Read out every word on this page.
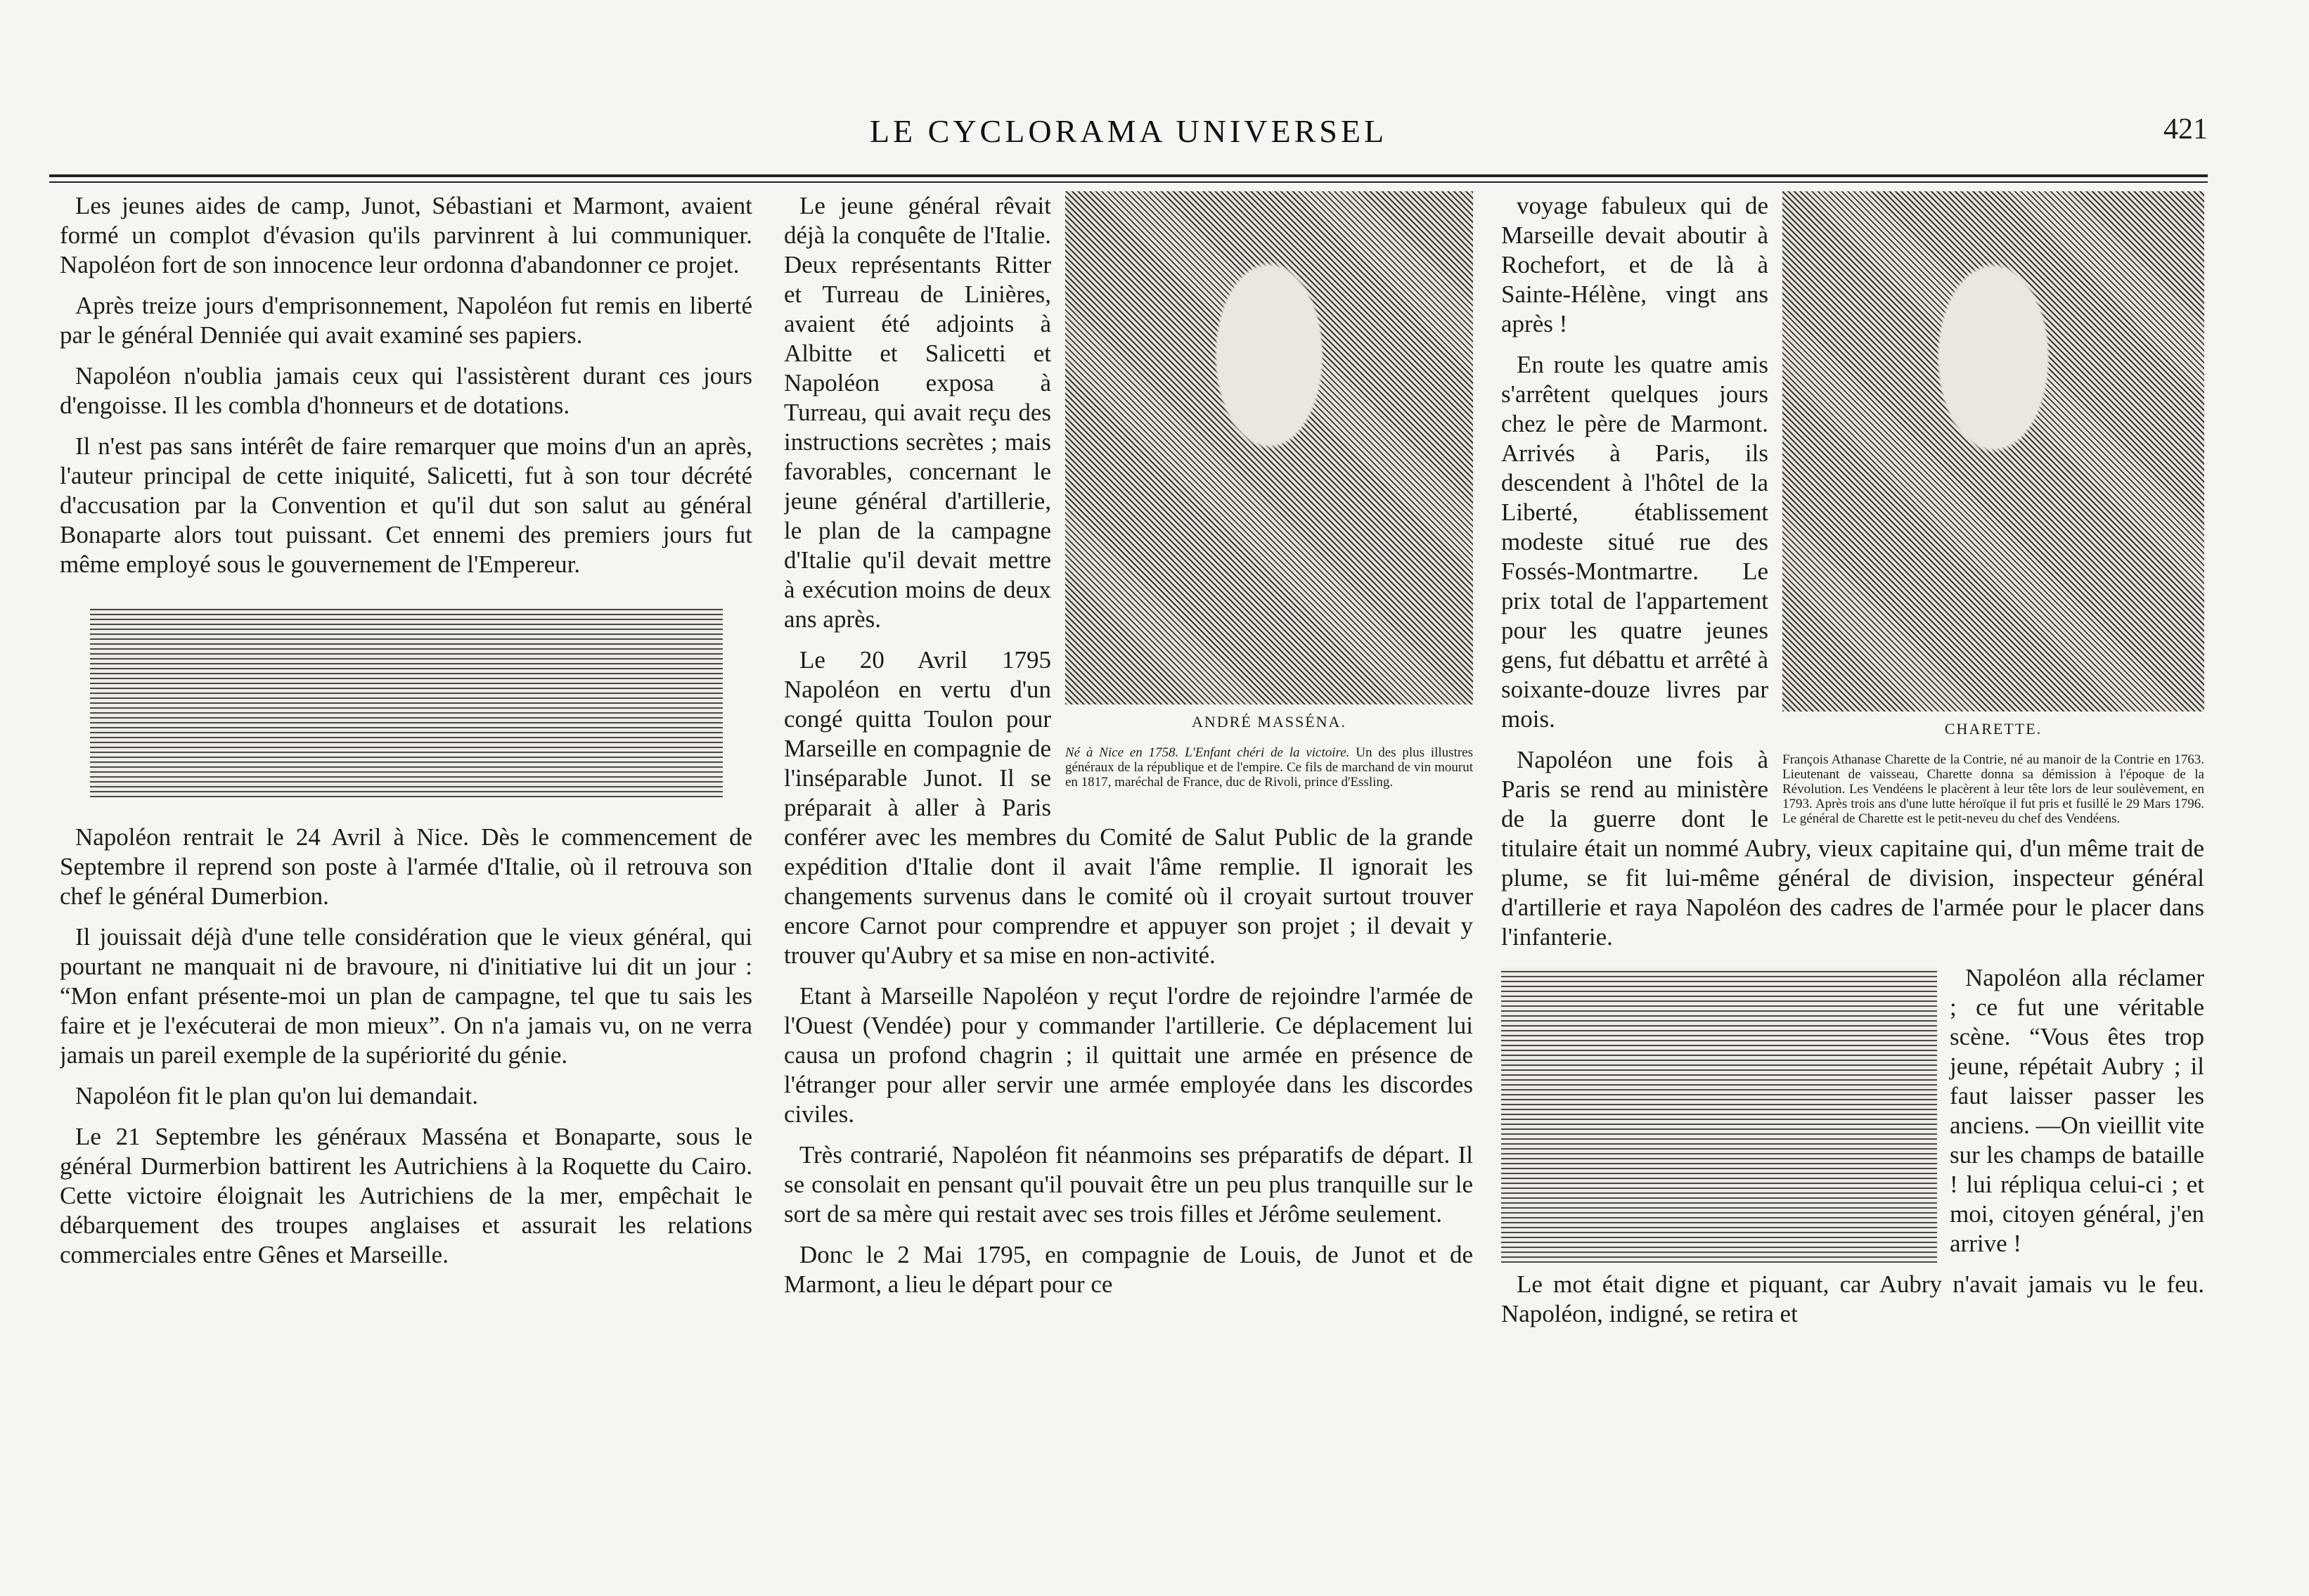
LE CYCLORAMA UNIVERSEL	421

Les jeunes aides de camp, Junot, Sébastiani et Marmont, avaient formé un complot d'évasion qu'ils parvinrent à lui communiquer. Napoléon fort de son innocence leur ordonna d'abandonner ce projet.

Après treize jours d'emprisonnement, Napoléon fut remis en liberté par le général Denniée qui avait examiné ses papiers.

Napoléon n'oublia jamais ceux qui l'assistèrent durant ces jours d'engoisse. Il les combla d'honneurs et de dotations.

Il n'est pas sans intérêt de faire remarquer que moins d'un an après, l'auteur principal de cette iniquité, Salicetti, fut à son tour décrété d'accusation par la Convention et qu'il dut son salut au général Bonaparte alors tout puissant. Cet ennemi des premiers jours fut même employé sous le gouvernement de l'Empereur.

Napoléon rentrait le 24 Avril à Nice. Dès le commencement de Septembre il reprend son poste à l'armée d'Italie, où il retrouva son chef le général Dumerbion.

Il jouissait déjà d'une telle considération que le vieux général, qui pourtant ne manquait ni de bravoure, ni d'initiative lui dit un jour : “Mon enfant présente-moi un plan de campagne, tel que tu sais les faire et je l'exécuterai de mon mieux”. On n'a jamais vu, on ne verra jamais un pareil exemple de la supériorité du génie.

Napoléon fit le plan qu'on lui demandait.

Le 21 Septembre les généraux Masséna et Bonaparte, sous le général Durmerbion battirent les Autrichiens à la Roquette du Cairo. Cette victoire éloignait les Autrichiens de la mer, empêchait le débarquement des troupes anglaises et assurait les relations commerciales entre Gênes et Marseille.

ANDRÉ MASSÉNA.
Né à Nice en 1758. L'Enfant chéri de la victoire. Un des plus illustres généraux de la république et de l'empire. Ce fils de marchand de vin mourut en 1817, maréchal de France, duc de Rivoli, prince d'Essling.

Le jeune général rêvait déjà la conquête de l'Italie. Deux représentants Ritter et Turreau de Linières, avaient été adjoints à Albitte et Salicetti et Napoléon exposa à Turreau, qui avait reçu des instructions secrètes ; mais favorables, concernant le jeune général d'artillerie, le plan de la campagne d'Italie qu'il devait mettre à exécution moins de deux ans après.

Le 20 Avril 1795 Napoléon en vertu d'un congé quitta Toulon pour Marseille en compagnie de l'inséparable Junot. Il se préparait à aller à Paris conférer avec les membres du Comité de Salut Public de la grande expédition d'Italie dont il avait l'âme remplie. Il ignorait les changements survenus dans le comité où il croyait surtout trouver encore Carnot pour comprendre et appuyer son projet ; il devait y trouver qu'Aubry et sa mise en non-activité.

Etant à Marseille Napoléon y reçut l'ordre de rejoindre l'armée de l'Ouest (Vendée) pour y commander l'artillerie. Ce déplacement lui causa un profond chagrin ; il quittait une armée en présence de l'étranger pour aller servir une armée employée dans les discordes civiles.

Très contrarié, Napoléon fit néanmoins ses préparatifs de départ. Il se consolait en pensant qu'il pouvait être un peu plus tranquille sur le sort de sa mère qui restait avec ses trois filles et Jérôme seulement.

Donc le 2 Mai 1795, en compagnie de Louis, de Junot et de Marmont, a lieu le départ pour ce

CHARETTE.
François Athanase Charette de la Contrie, né au manoir de la Contrie en 1763. Lieutenant de vaisseau, Charette donna sa démission à l'époque de la Révolution. Les Vendéens le placèrent à leur tête lors de leur soulèvement, en 1793. Après trois ans d'une lutte héroïque il fut pris et fusillé le 29 Mars 1796. Le général de Charette est le petit-neveu du chef des Vendéens.

voyage fabuleux qui de Marseille devait aboutir à Rochefort, et de là à Sainte-Hélène, vingt ans après !

En route les quatre amis s'arrêtent quelques jours chez le père de Marmont. Arrivés à Paris, ils descendent à l'hôtel de la Liberté, établissement modeste situé rue des Fossés-Montmartre. Le prix total de l'appartement pour les quatre jeunes gens, fut débattu et arrêté à soixante-douze livres par mois.

Napoléon une fois à Paris se rend au ministère de la guerre dont le titulaire était un nommé Aubry, vieux capitaine qui, d'un même trait de plume, se fit lui-même général de division, inspecteur général d'artillerie et raya Napoléon des cadres de l'armée pour le placer dans l'infanterie.

Napoléon alla réclamer ; ce fut une véritable scène. “Vous êtes trop jeune, répétait Aubry ; il faut laisser passer les anciens. —On vieillit vite sur les champs de bataille ! lui répliqua celui-ci ; et moi, citoyen général, j'en arrive !

Le mot était digne et piquant, car Aubry n'avait jamais vu le feu. Napoléon, indigné, se retira et
